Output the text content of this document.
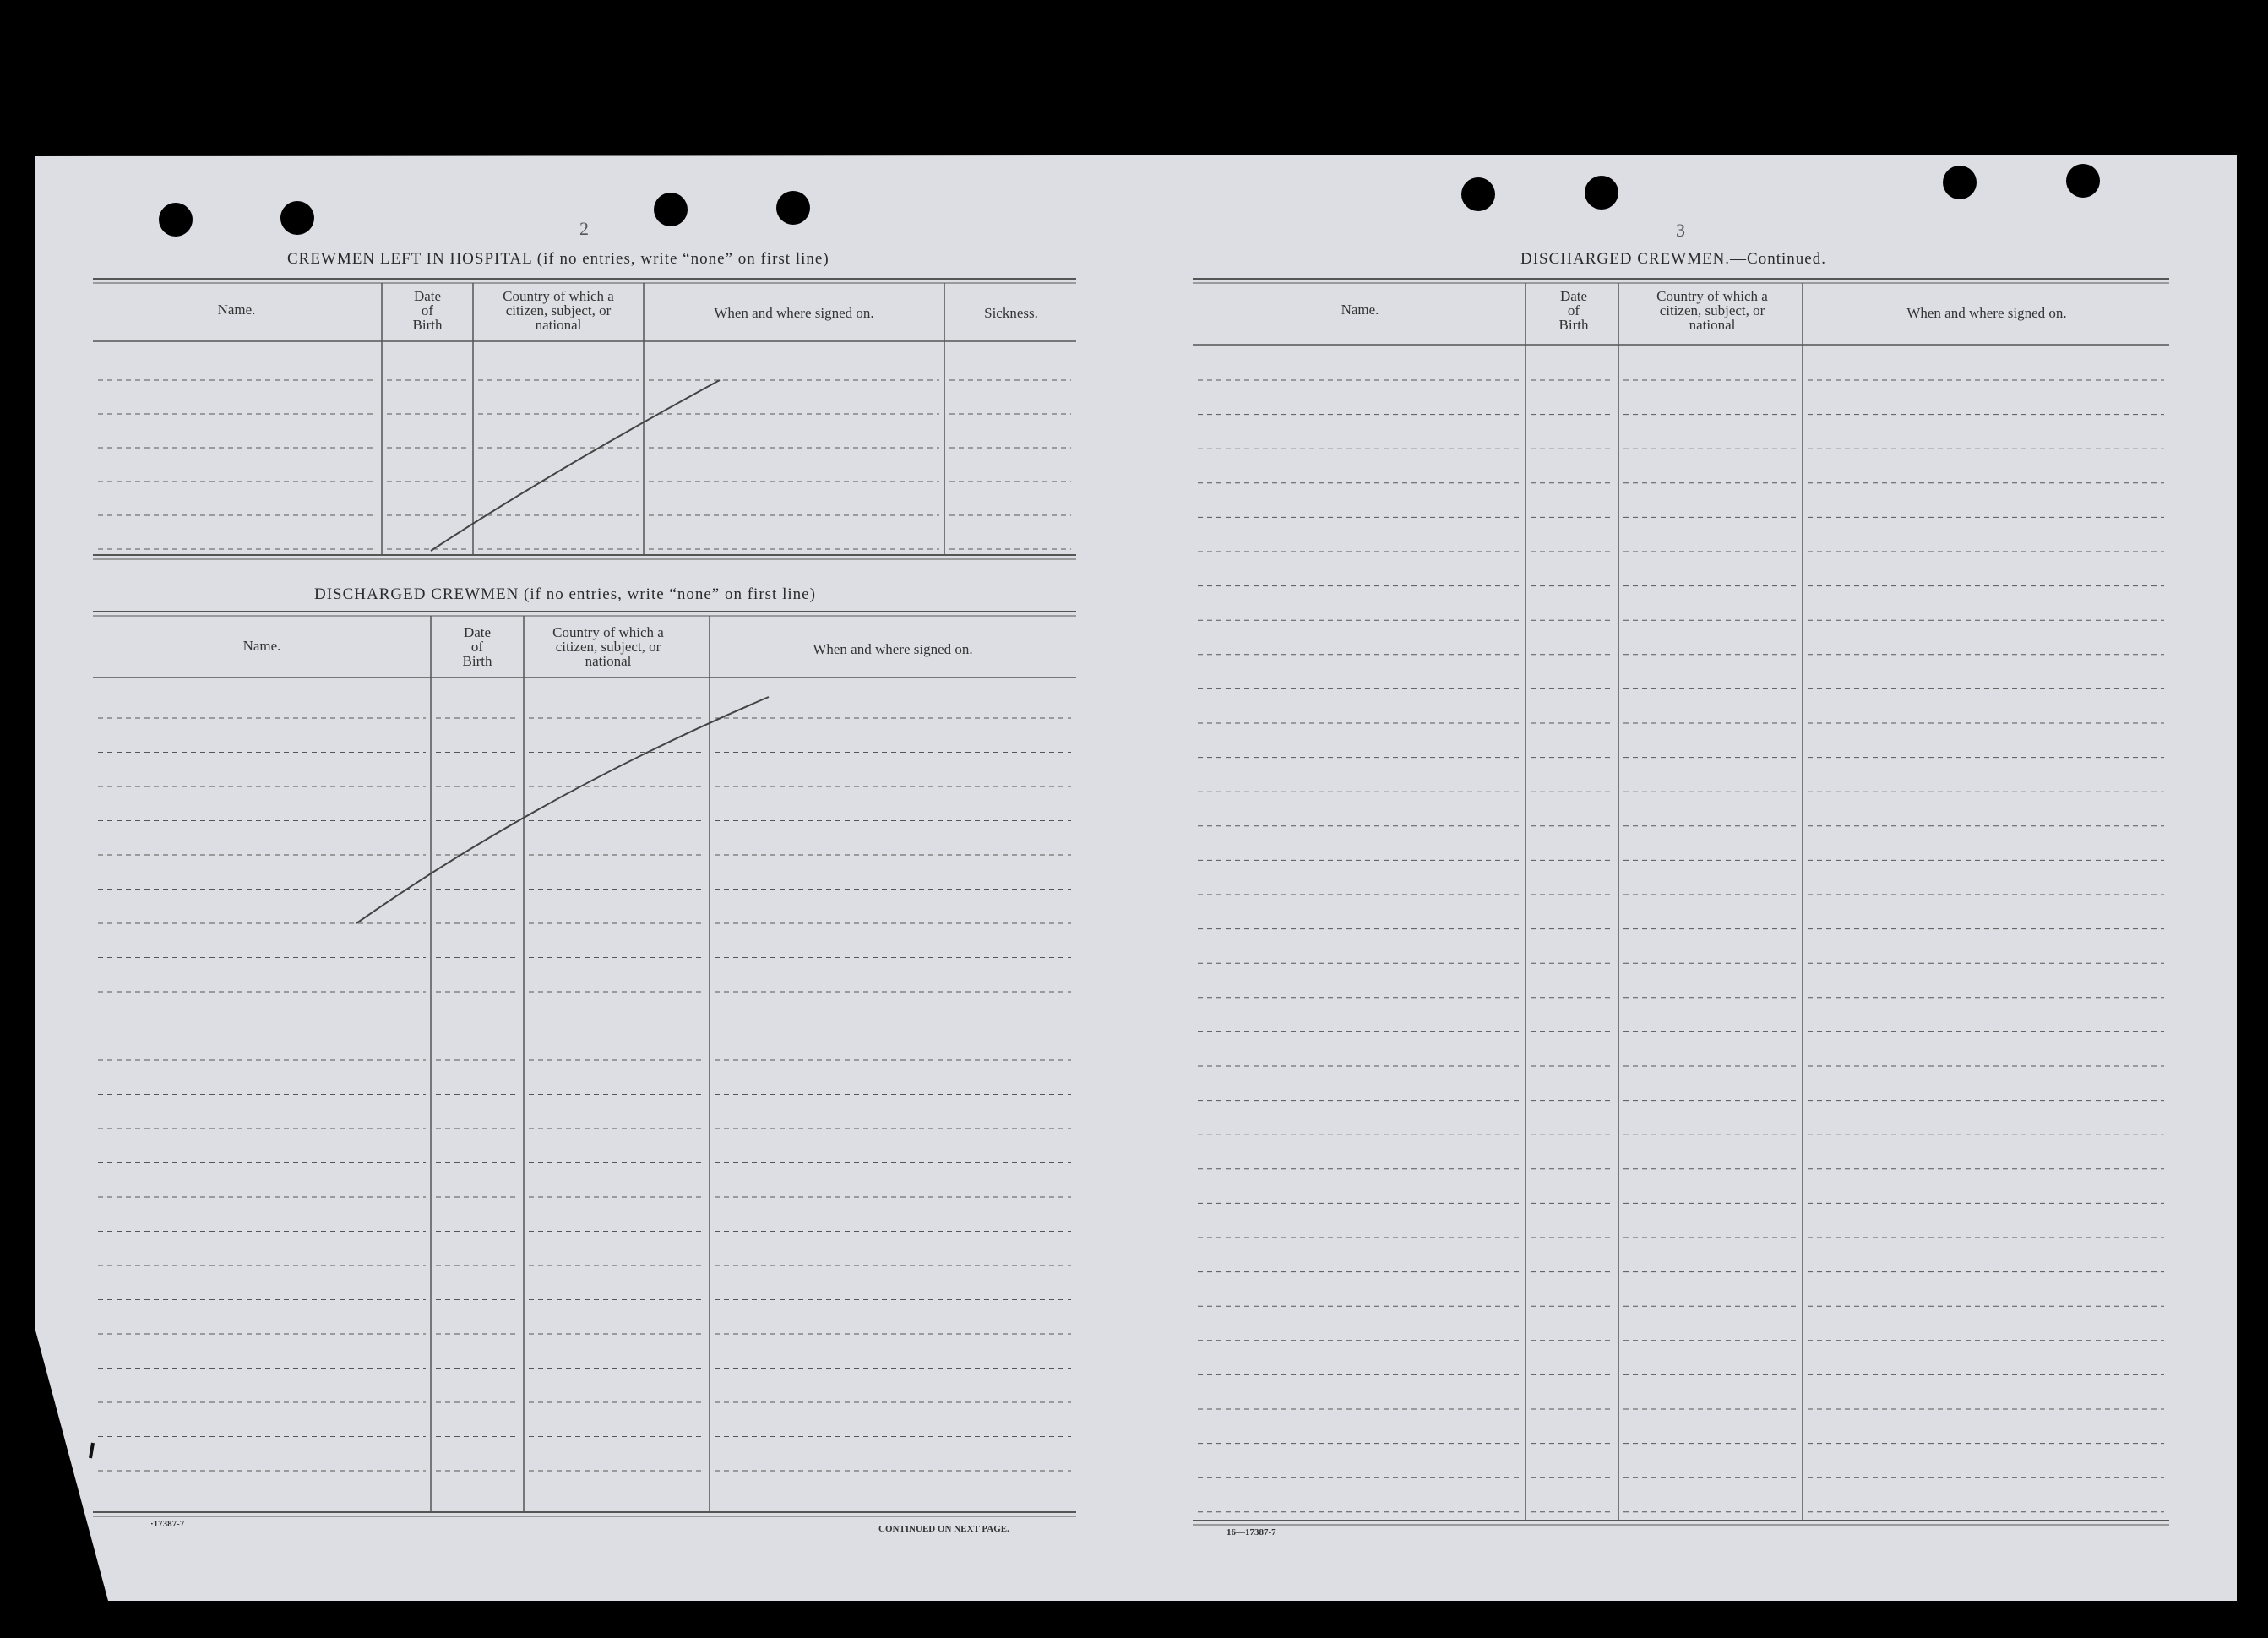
2
CREWMEN LEFT IN HOSPITAL (if no entries, write “none” on first line)
Name.
Date
of
Birth
Country of which a
citizen, subject, or
national
When and where signed on.	Sickness.
DISCHARGED CREWMEN (if no entries, write “none” on first line)
Name.
Date
of
Birth
Country of which a
citizen, subject, or
national
When and where signed on.
·17387-7	CONTINUED ON NEXT PAGE.
3
DISCHARGED CREWMEN.—Continued.
Name.
Date
of
Birth
Country of which a
citizen, subject, or
national
When and where signed on.
16—17387-7
